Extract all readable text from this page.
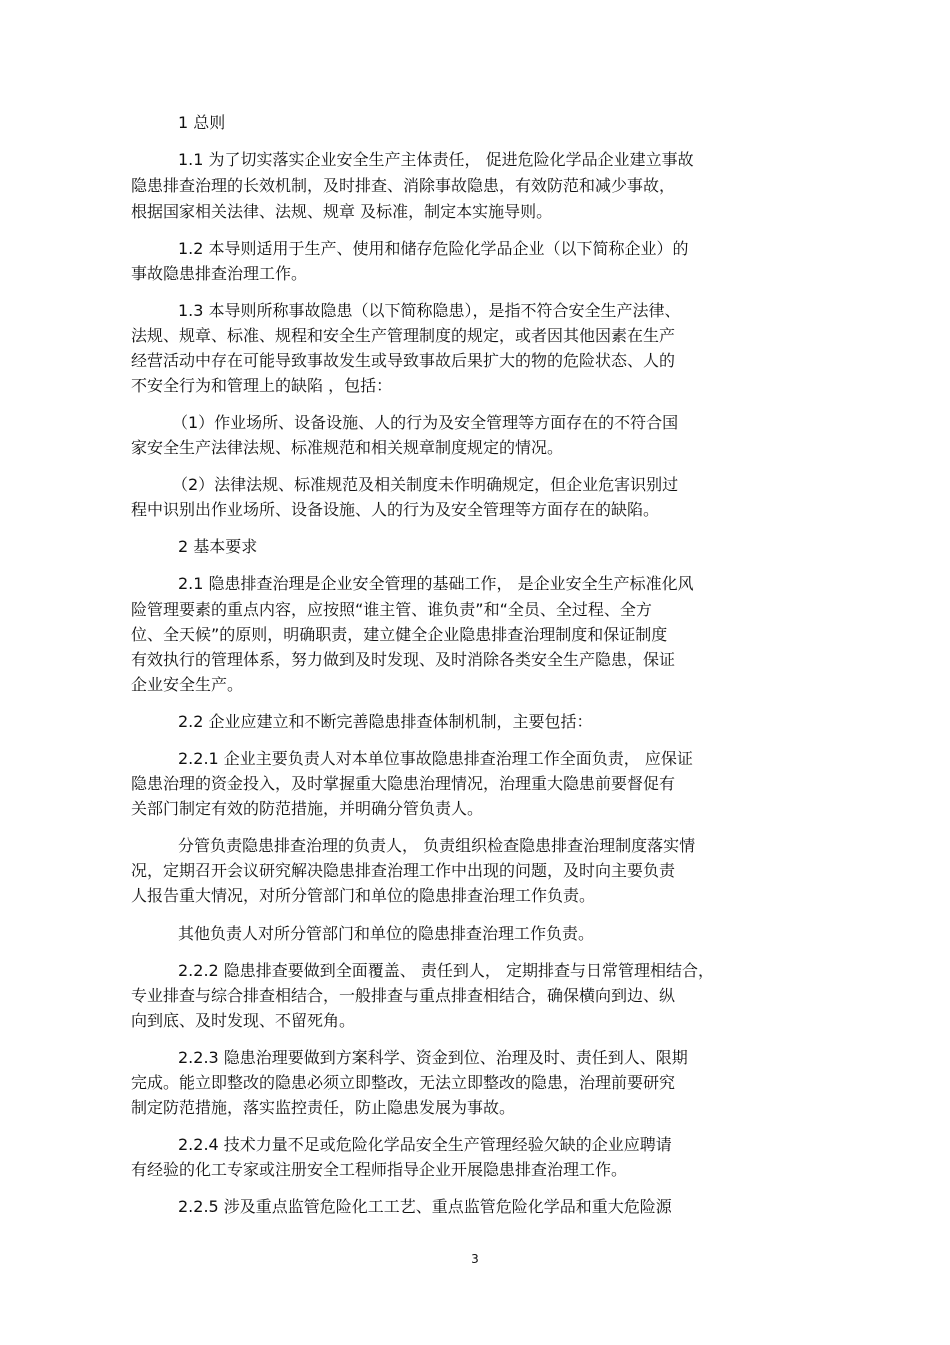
1 总则

1.1 为了切实落实企业安全生产主体责任， 促进危险化学品企业建立事故

隐患排查治理的长效机制，及时排查、消除事故隐患，有效防范和减少事故，

根据国家相关法律、法规、规章 及标准，制定本实施导则。

1.2 本导则适用于生产、使用和储存危险化学品企业（以下简称企业）的

事故隐患排查治理工作。

1.3 本导则所称事故隐患（以下简称隐患），是指不符合安全生产法律、

法规、规章、标准、规程和安全生产管理制度的规定，或者因其他因素在生产

经营活动中存在可能导致事故发生或导致事故后果扩大的物的危险状态、人的

不安全行为和管理上的缺陷 ，包括：

（1）作业场所、设备设施、人的行为及安全管理等方面存在的不符合国

家安全生产法律法规、标准规范和相关规章制度规定的情况。

（2）法律法规、标准规范及相关制度未作明确规定，但企业危害识别过

程中识别出作业场所、设备设施、人的行为及安全管理等方面存在的缺陷。

2 基本要求

2.1 隐患排查治理是企业安全管理的基础工作， 是企业安全生产标准化风

险管理要素的重点内容，应按照“谁主管、谁负责”和“全员、全过程、全方

位、全天候”的原则，明确职责，建立健全企业隐患排查治理制度和保证制度

有效执行的管理体系，努力做到及时发现、及时消除各类安全生产隐患，保证

企业安全生产。

2.2 企业应建立和不断完善隐患排查体制机制，主要包括：

2.2.1 企业主要负责人对本单位事故隐患排查治理工作全面负责， 应保证

隐患治理的资金投入，及时掌握重大隐患治理情况，治理重大隐患前要督促有

关部门制定有效的防范措施，并明确分管负责人。

分管负责隐患排查治理的负责人， 负责组织检查隐患排查治理制度落实情

况，定期召开会议研究解决隐患排查治理工作中出现的问题，及时向主要负责

人报告重大情况，对所分管部门和单位的隐患排查治理工作负责。

其他负责人对所分管部门和单位的隐患排查治理工作负责。

2.2.2 隐患排查要做到全面覆盖、 责任到人， 定期排查与日常管理相结合，

专业排查与综合排查相结合，一般排查与重点排查相结合，确保横向到边、纵

向到底、及时发现、不留死角。

2.2.3 隐患治理要做到方案科学、资金到位、治理及时、责任到人、限期

完成。能立即整改的隐患必须立即整改，无法立即整改的隐患，治理前要研究

制定防范措施，落实监控责任，防止隐患发展为事故。

2.2.4 技术力量不足或危险化学品安全生产管理经验欠缺的企业应聘请

有经验的化工专家或注册安全工程师指导企业开展隐患排查治理工作。

2.2.5 涉及重点监管危险化工工艺、重点监管危险化学品和重大危险源

3
